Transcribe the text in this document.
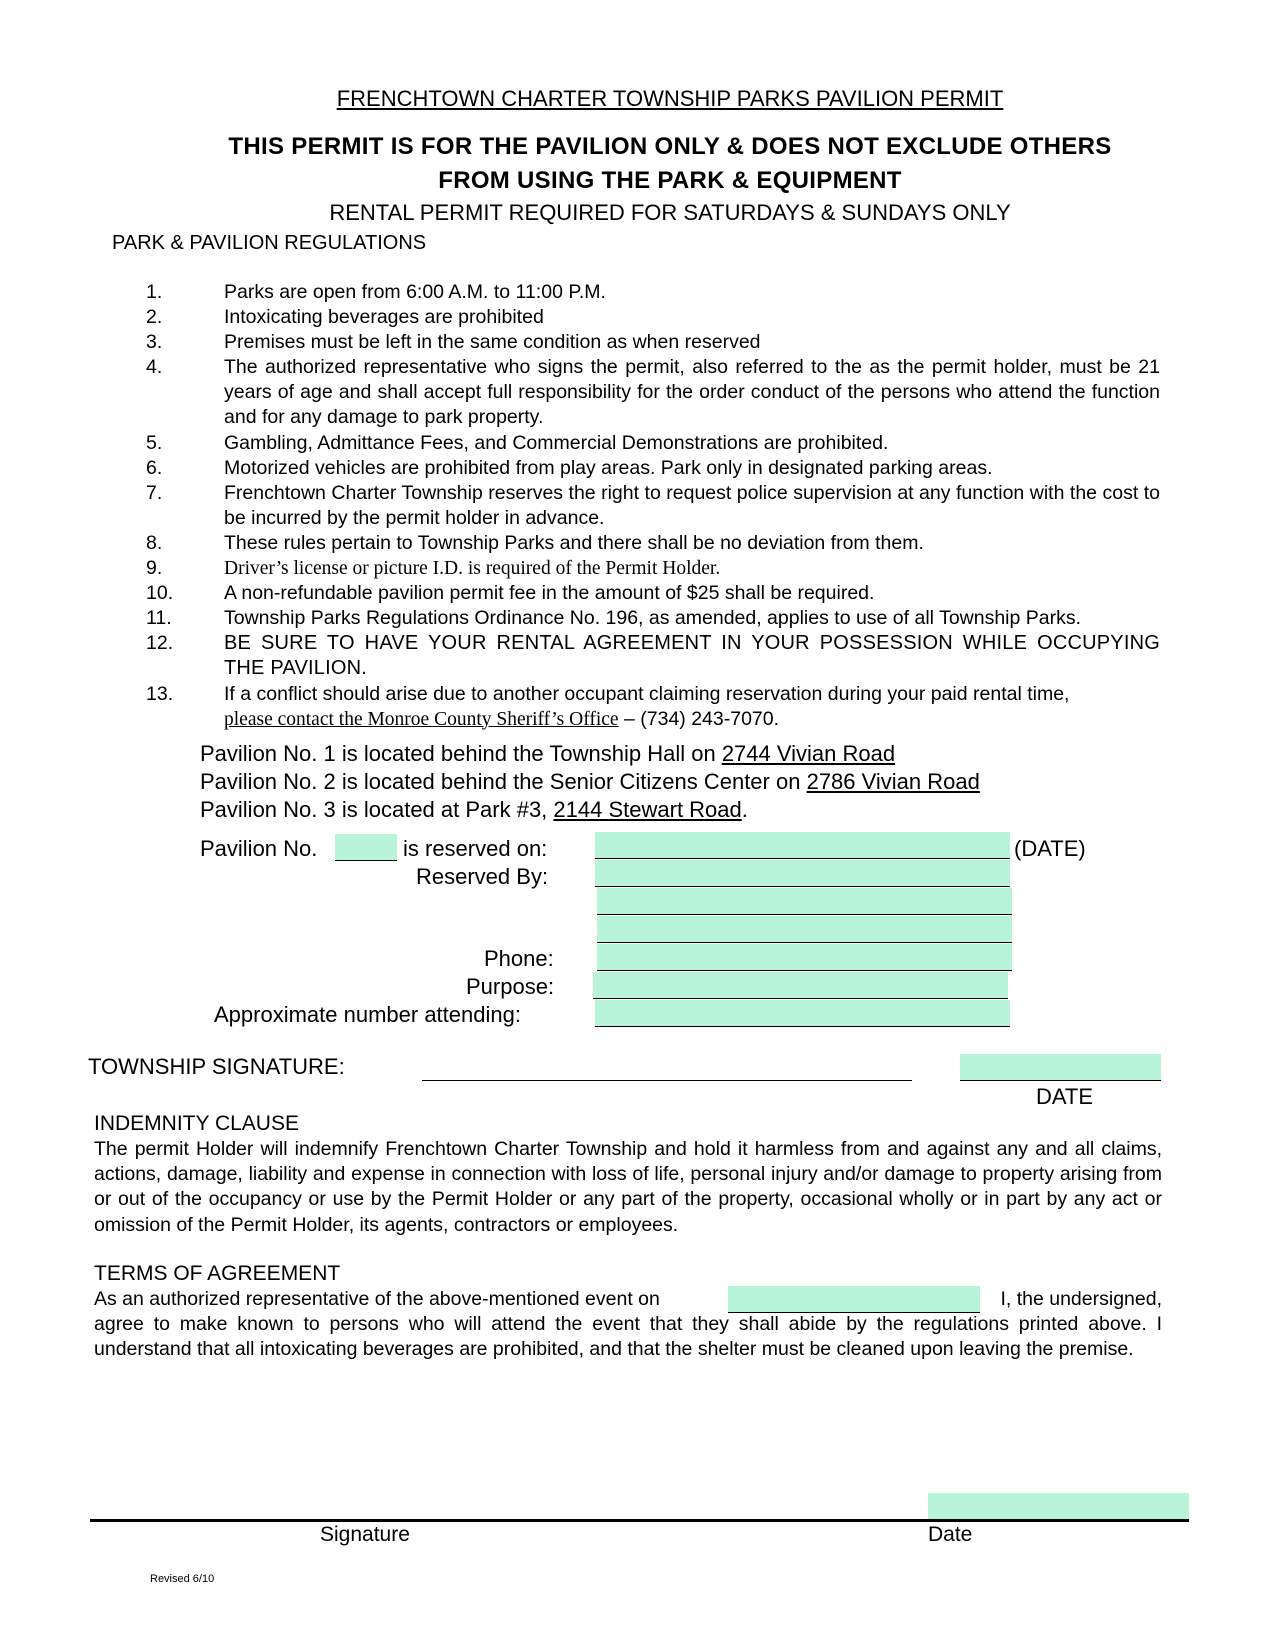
FRENCHTOWN CHARTER TOWNSHIP PARKS PAVILION PERMIT
THIS PERMIT IS FOR THE PAVILION ONLY & DOES NOT EXCLUDE OTHERS
FROM USING THE PARK & EQUIPMENT
RENTAL PERMIT REQUIRED FOR SATURDAYS & SUNDAYS ONLY
PARK & PAVILION REGULATIONS
1.	Parks are open from 6:00 A.M. to 11:00 P.M.
2.	Intoxicating beverages are prohibited
3.	Premises must be left in the same condition as when reserved
4.	The authorized representative who signs the permit, also referred to the as the permit holder, must be 21 years of age and shall accept full responsibility for the order conduct of the persons who attend the function and for any damage to park property.
5.	Gambling, Admittance Fees, and Commercial Demonstrations are prohibited.
6.	Motorized vehicles are prohibited from play areas. Park only in designated parking areas.
7.	Frenchtown Charter Township reserves the right to request police supervision at any function with the cost to be incurred by the permit holder in advance.
8.	These rules pertain to Township Parks and there shall be no deviation from them.
9.	Driver’s license or picture I.D. is required of the Permit Holder.
10.	A non-refundable pavilion permit fee in the amount of $25 shall be required.
11.	Township Parks Regulations Ordinance No. 196, as amended, applies to use of all Township Parks.
12.	BE SURE TO HAVE YOUR RENTAL AGREEMENT IN YOUR POSSESSION WHILE OCCUPYING THE PAVILION.
13.	If a conflict should arise due to another occupant claiming reservation during your paid rental time,
please contact the Monroe County Sheriff’s Office – (734) 243-7070.
Pavilion No. 1 is located behind the Township Hall on 2744 Vivian Road
Pavilion No. 2 is located behind the Senior Citizens Center on 2786 Vivian Road
Pavilion No. 3 is located at Park #3, 2144 Stewart Road.
Pavilion No.	is reserved on:	(DATE)
Reserved By:
Phone:
Purpose:
Approximate number attending:
TOWNSHIP SIGNATURE:
DATE
INDEMNITY CLAUSE
The permit Holder will indemnify Frenchtown Charter Township and hold it harmless from and against any and all claims, actions, damage, liability and expense in connection with loss of life, personal injury and/or damage to property arising from or out of the occupancy or use by the Permit Holder or any part of the property, occasional wholly or in part by any act or omission of the Permit Holder, its agents, contractors or employees.
TERMS OF AGREEMENT
As an authorized representative of the above-mentioned event on	I, the undersigned,
agree to make known to persons who will attend the event that they shall abide by the regulations printed above. I understand that all intoxicating beverages are prohibited, and that the shelter must be cleaned upon leaving the premise.
Signature	Date
Revised 6/10
